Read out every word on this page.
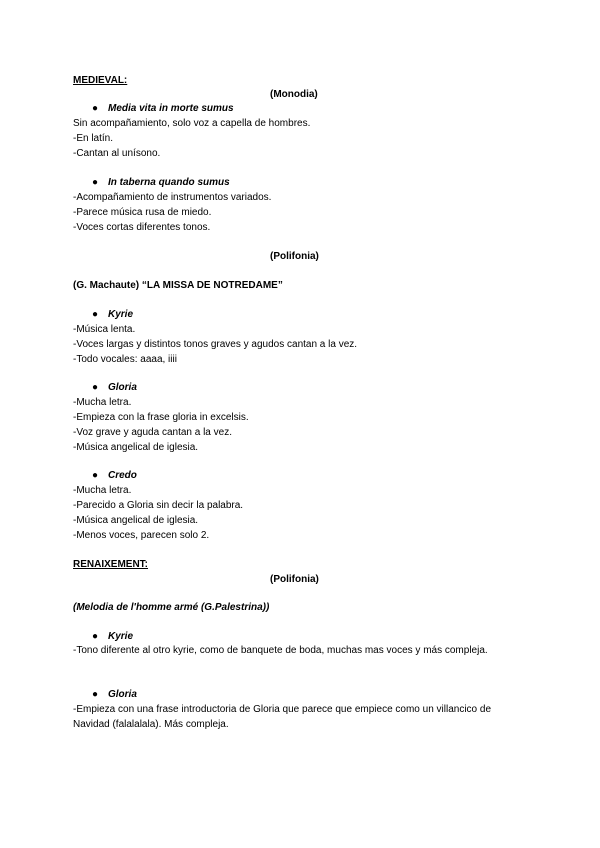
MEDIEVAL:
(Monodia)
● Media vita in morte sumus
Sin acompañamiento, solo voz a capella de hombres.
-En latín.
-Cantan al unísono.
● In taberna quando sumus
-Acompañamiento de instrumentos variados.
-Parece música rusa de miedo.
-Voces cortas diferentes tonos.
(Polifonia)
(G. Machaute) “LA MISSA DE NOTREDAME”
● Kyrie
-Música lenta.
-Voces largas y distintos tonos graves y agudos cantan a la vez.
-Todo vocales: aaaa, iiii
● Gloria
-Mucha letra.
-Empieza con la frase gloria in excelsis.
-Voz grave y aguda cantan a la vez.
-Música angelical de iglesia.
● Credo
-Mucha letra.
-Parecido a Gloria sin decir la palabra.
-Música angelical de iglesia.
-Menos voces, parecen solo 2.
RENAIXEMENT:
(Polifonia)
(Melodia de l'homme armé (G.Palestrina))
● Kyrie
-Tono diferente al otro kyrie, como de banquete de boda, muchas mas voces y más compleja.
● Gloria
-Empieza con una frase introductoria de Gloria que parece que empiece como un villancico de Navidad (falalalala). Más compleja.
